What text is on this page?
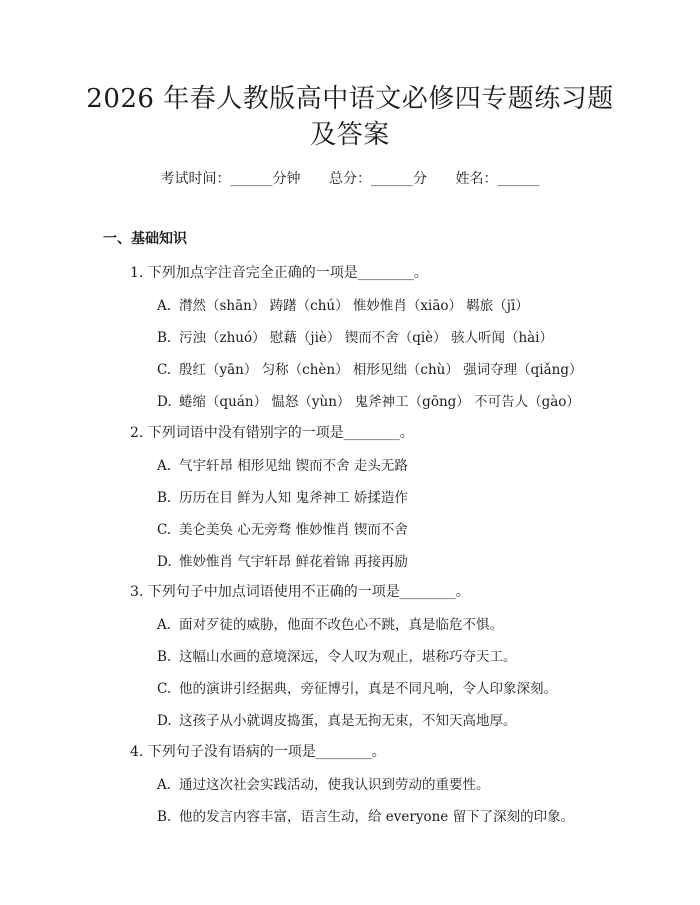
2026 年春人教版高中语文必修四专题练习题
及答案
考试时间：______分钟 总分：______分 姓名：______
一、基础知识
1. 下列加点字注音完全正确的一项是________。
A. 潸然（shān） 踌躇（chú） 惟妙惟肖（xiāo） 羁旅（jī）
B. 污浊（zhuó） 慰藉（jiè） 锲而不舍（qiè） 骇人听闻（hài）
C. 殷红（yān） 匀称（chèn） 相形见绌（chù） 强词夺理（qiǎng）
D. 蜷缩（quán） 愠怒（yùn） 鬼斧神工（gōng） 不可告人（gào）
2. 下列词语中没有错别字的一项是________。
A. 气宇轩昂 相形见绌 锲而不舍 走头无路
B. 历历在目 鲜为人知 鬼斧神工 娇揉造作
C. 美仑美奂 心无旁骛 惟妙惟肖 锲而不舍
D. 惟妙惟肖 气宇轩昂 鲜花着锦 再接再励
3. 下列句子中加点词语使用不正确的一项是________。
A. 面对歹徒的威胁，他面不改色心不跳，真是临危不惧。
B. 这幅山水画的意境深远，令人叹为观止，堪称巧夺天工。
C. 他的演讲引经据典，旁征博引，真是不同凡响，令人印象深刻。
D. 这孩子从小就调皮捣蛋，真是无拘无束，不知天高地厚。
4. 下列句子没有语病的一项是________。
A. 通过这次社会实践活动，使我认识到劳动的重要性。
B. 他的发言内容丰富，语言生动，给 everyone 留下了深刻的印象。
